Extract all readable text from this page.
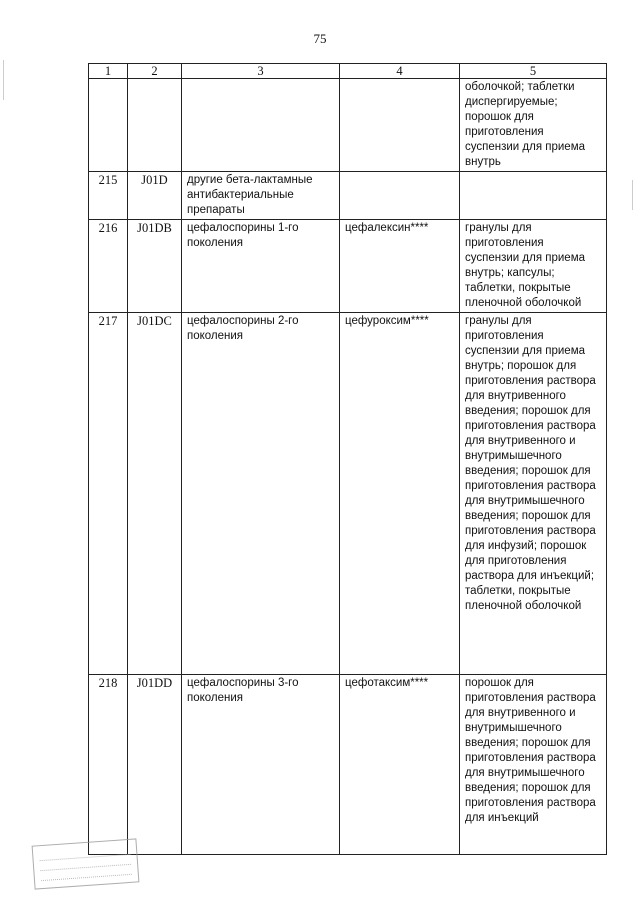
75
1	2	3	4	5
				оболочкой; таблетки диспергируемые; порошок для приготовления суспензии для приема внутрь
215	J01D	другие бета-лактамные антибактериальные препараты		
216	J01DB	цефалоспорины 1-го поколения	цефалексин****	гранулы для приготовления суспензии для приема внутрь; капсулы; таблетки, покрытые пленочной оболочкой
217	J01DC	цефалоспорины 2-го поколения	цефуроксим****	гранулы для приготовления суспензии для приема внутрь; порошок для приготовления раствора для внутривенного введения; порошок для приготовления раствора для внутривенного и внутримышечного введения; порошок для приготовления раствора для внутримышечного введения; порошок для приготовления раствора для инфузий; порошок для приготовления раствора для инъекций; таблетки, покрытые пленочной оболочкой
218	J01DD	цефалоспорины 3-го поколения	цефотаксим****	порошок для приготовления раствора для внутривенного и внутримышечного введения; порошок для приготовления раствора для внутримышечного введения; порошок для приготовления раствора для инъекций
